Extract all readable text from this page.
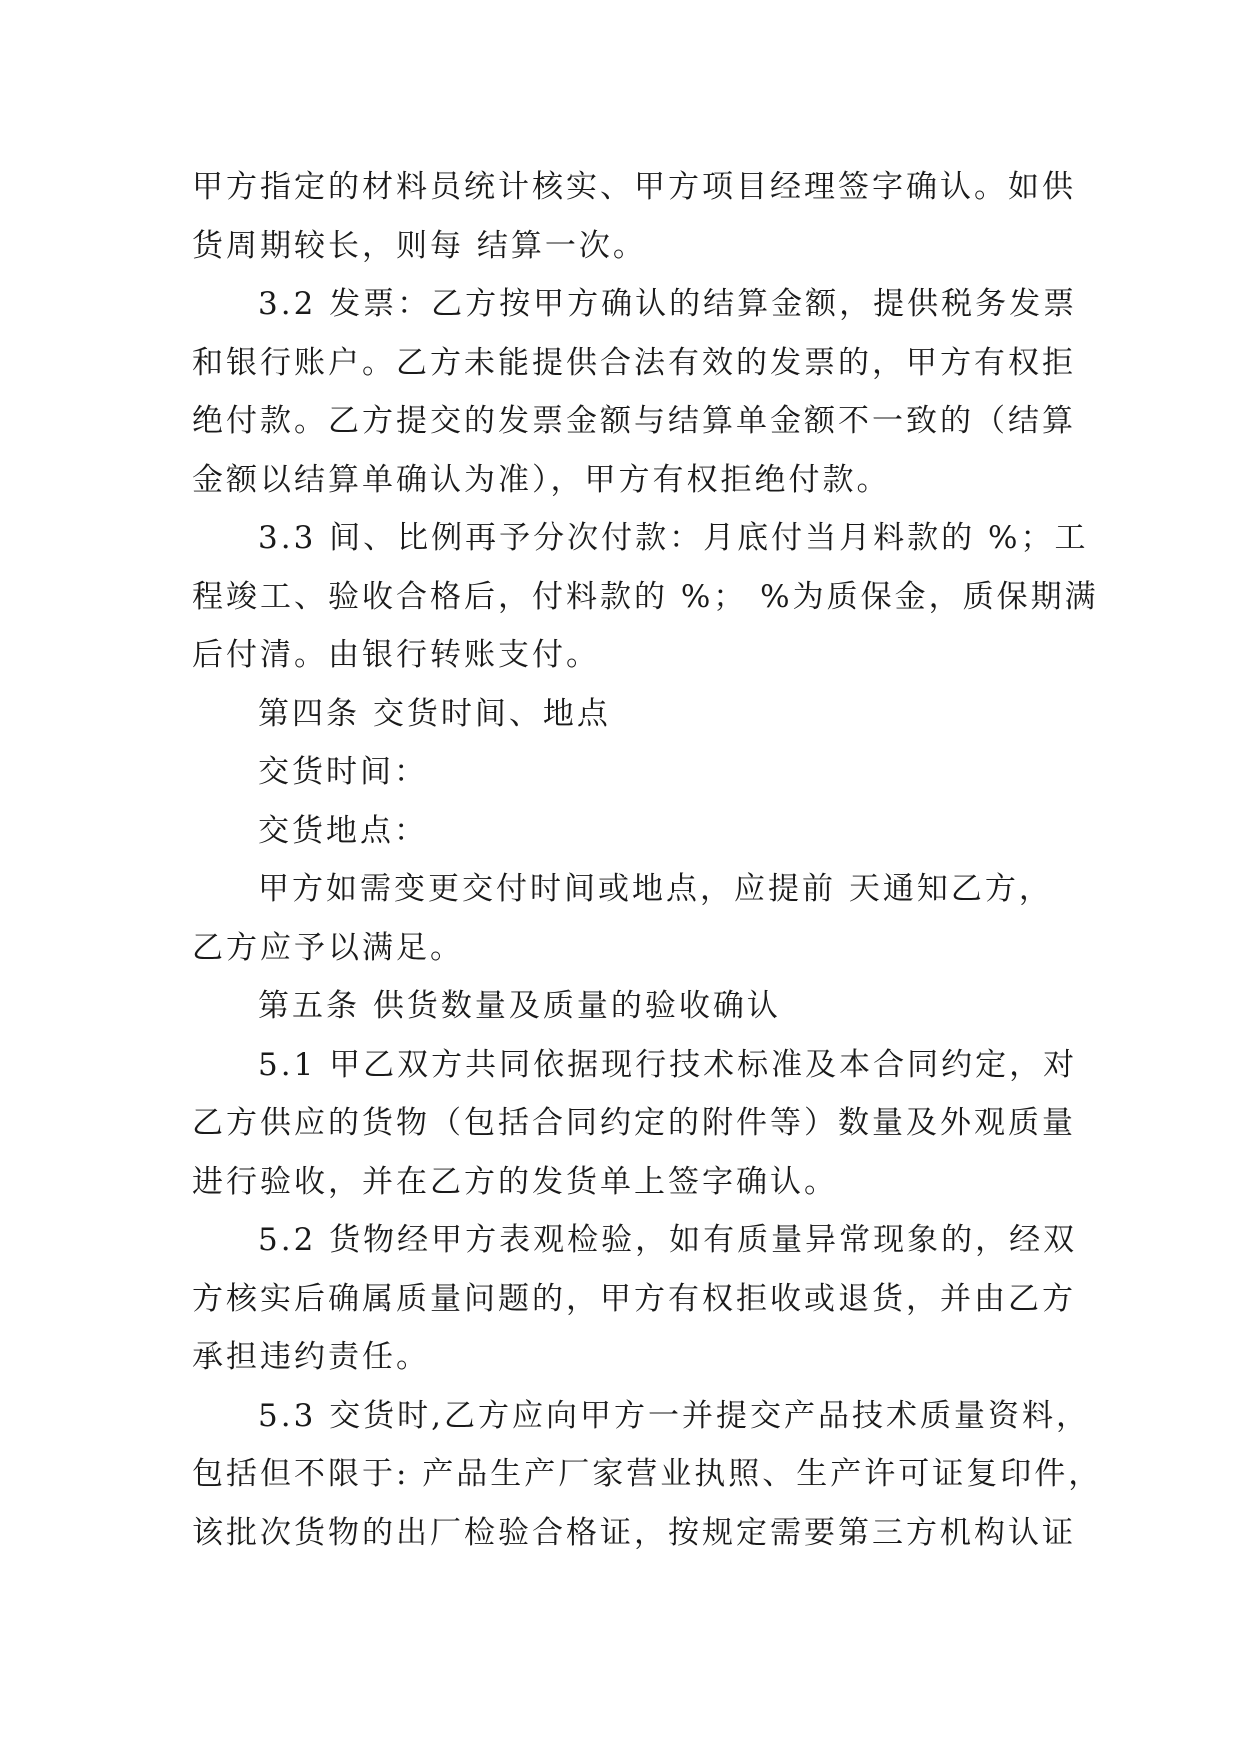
甲方指定的材料员统计核实、甲方项目经理签字确认。如供
货周期较长，则每 结算一次。
3.2 发票：乙方按甲方确认的结算金额，提供税务发票
和银行账户。乙方未能提供合法有效的发票的，甲方有权拒
绝付款。乙方提交的发票金额与结算单金额不一致的（结算
金额以结算单确认为准），甲方有权拒绝付款。
3.3 间、比例再予分次付款：月底付当月料款的 %；工
程竣工、验收合格后，付料款的 %； %为质保金，质保期满
后付清。由银行转账支付。
第四条 交货时间、地点
交货时间：
交货地点：
甲方如需变更交付时间或地点，应提前 天通知乙方，
乙方应予以满足。
第五条 供货数量及质量的验收确认
5.1 甲乙双方共同依据现行技术标准及本合同约定，对
乙方供应的货物（包括合同约定的附件等）数量及外观质量
进行验收，并在乙方的发货单上签字确认。
5.2 货物经甲方表观检验，如有质量异常现象的，经双
方核实后确属质量问题的，甲方有权拒收或退货，并由乙方
承担违约责任。
5.3 交货时,乙方应向甲方一并提交产品技术质量资料，
包括但不限于: 产品生产厂家营业执照、生产许可证复印件，
该批次货物的出厂检验合格证，按规定需要第三方机构认证
